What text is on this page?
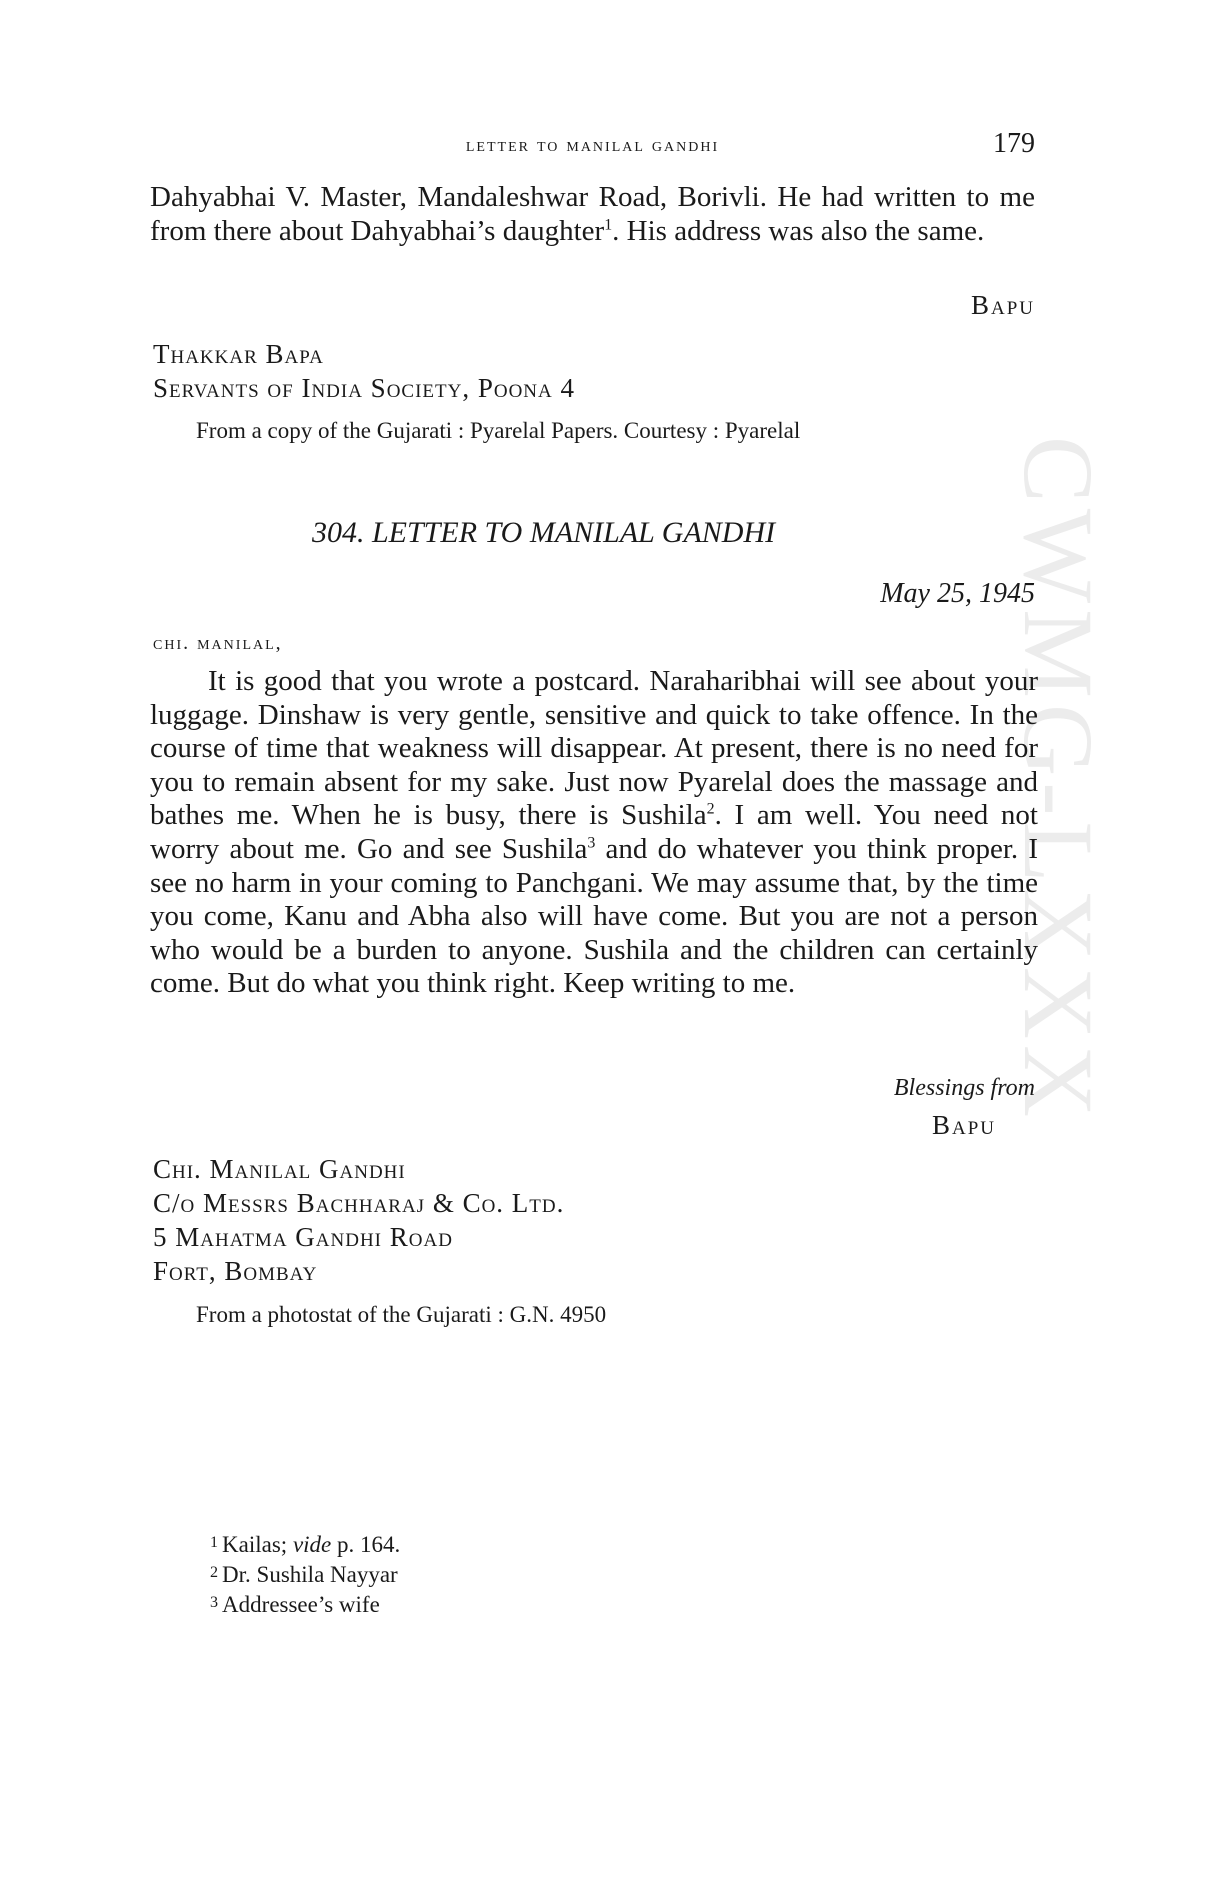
CWMG-LXXX
letter to manilal gandhi	179
Dahyabhai V. Master, Mandaleshwar Road, Borivli. He had written to me from there about Dahyabhai’s daughter$^1$. His address was also the same.
Bapu
Thakkar Bapa
Servants of India Society, Poona 4
From a copy of the Gujarati : Pyarelal Papers. Courtesy : Pyarelal
304. LETTER TO MANILAL GANDHI
May 25, 1945
chi. manilal,

It is good that you wrote a postcard. Naraharibhai will see about your luggage. Dinshaw is very gentle, sensitive and quick to take offence. In the course of time that weakness will disappear. At present, there is no need for you to remain absent for my sake. Just now Pyarelal does the massage and bathes me. When he is busy, there is Sushila$^2$. I am well. You need not worry about me. Go and see Sushila$^3$ and do whatever you think proper. I see no harm in your coming to Panchgani. We may assume that, by the time you come, Kanu and Abha also will have come. But you are not a person who would be a burden to anyone. Sushila and the children can certainly come. But do what you think right. Keep writing to me.

Blessings from
Bapu
Chi. Manilal Gandhi
C/o Messrs Bachharaj & Co. Ltd.
5 Mahatma Gandhi Road
Fort, Bombay
From a photostat of the Gujarati : G.N. 4950
$^1$ Kailas; vide p. 164.
$^2$ Dr. Sushila Nayyar
$^3$ Addressee’s wife
